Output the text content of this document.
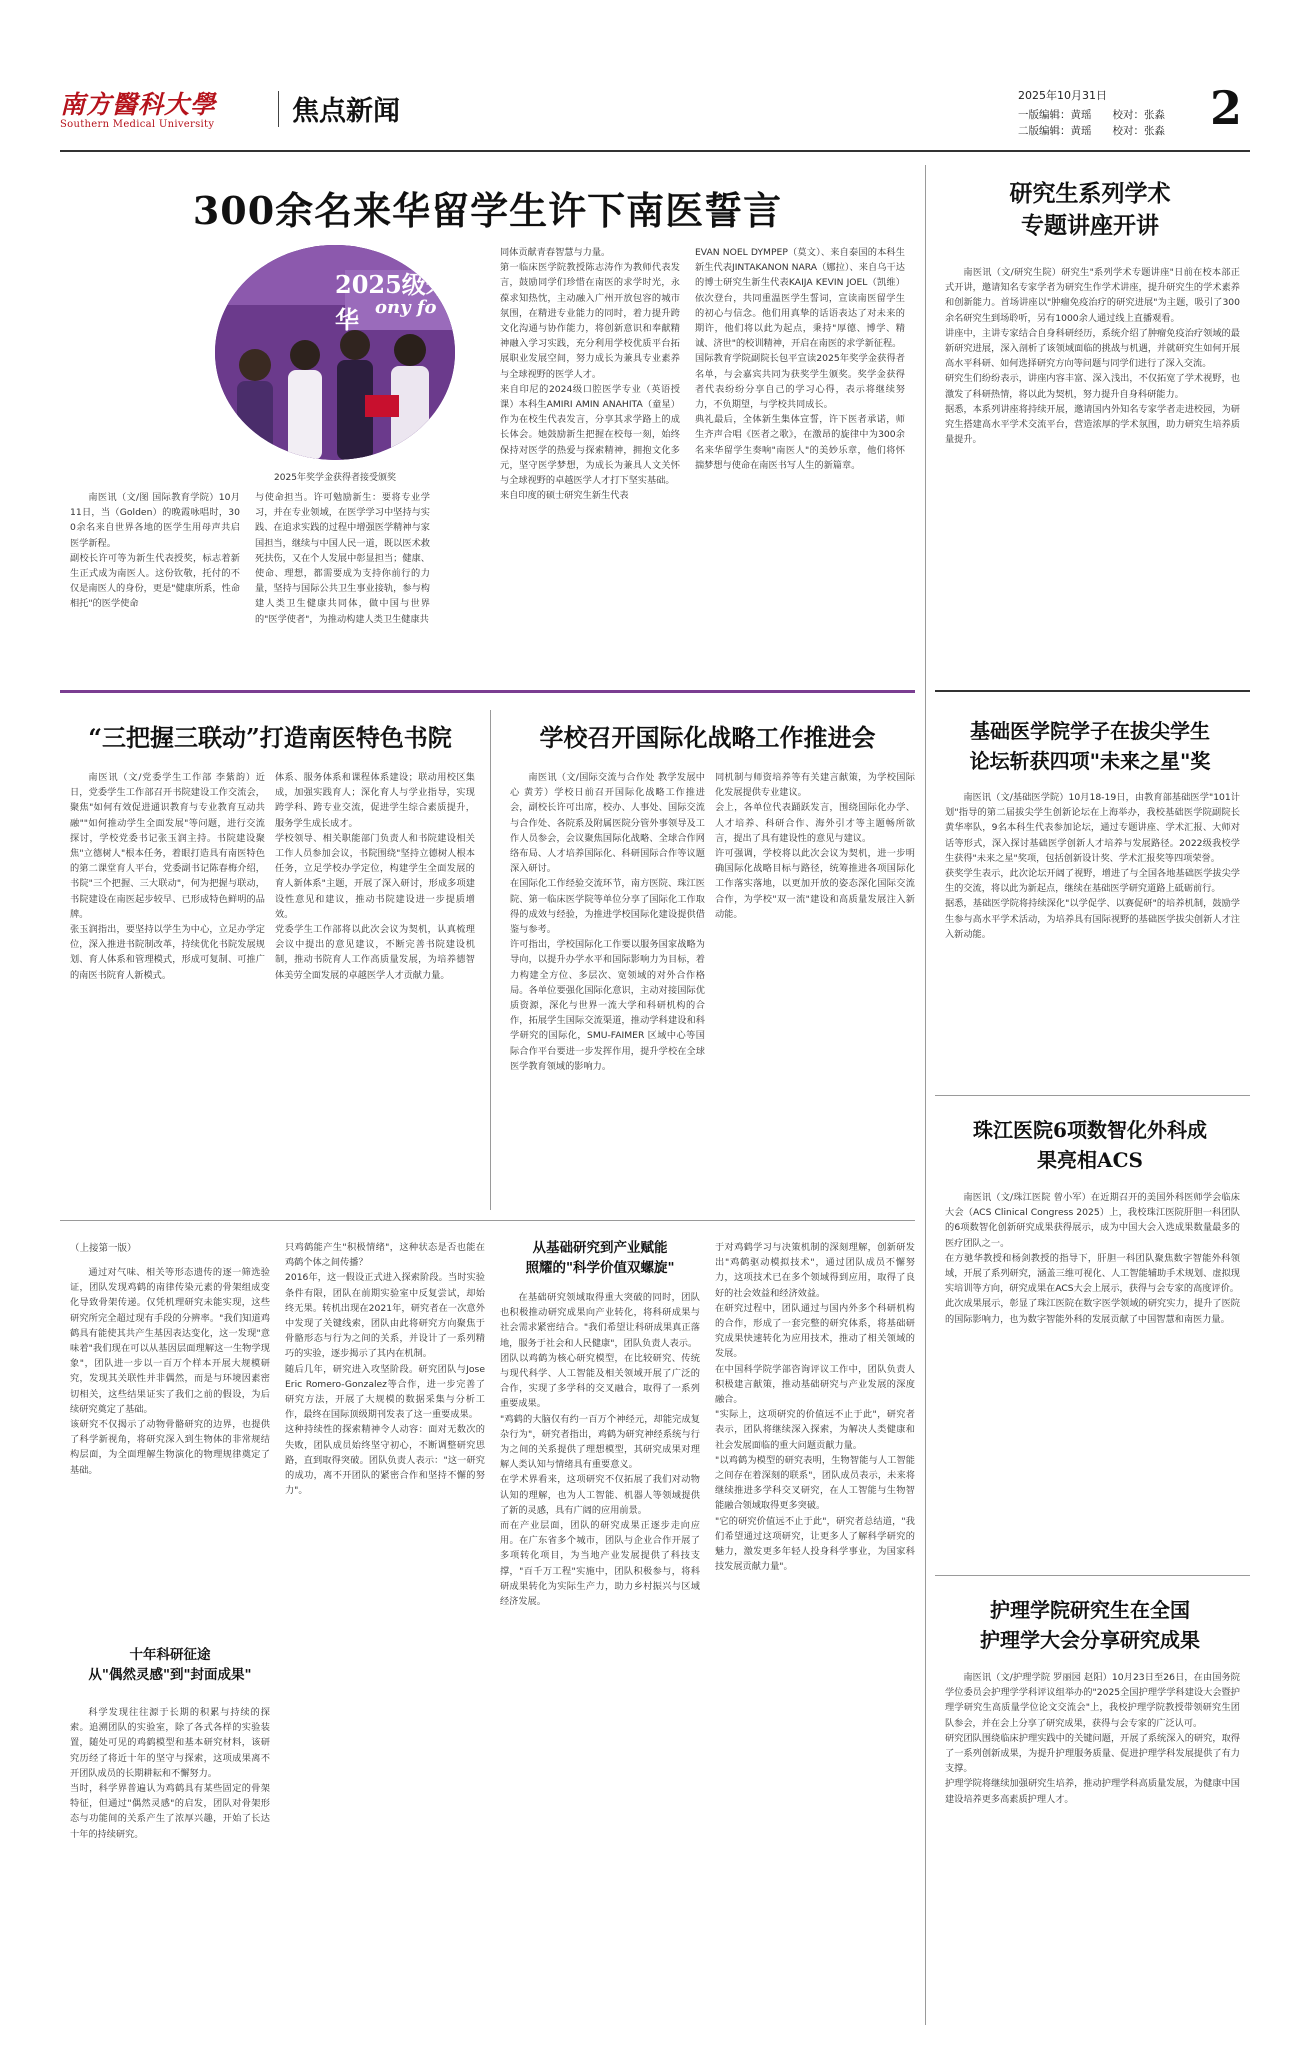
南方醫科大學
Southern Medical University	焦点新闻
2025年10月31日
一版编辑：黄瑶　　校对：张淼
二版编辑：黄瑶　　校对：张淼 2
300余名来华留学生许下南医誓言
2025级来华 ony fo
2025年奖学金获得者接受颁奖

南医讯（文/图 国际教育学院）10月11日，当（Golden）的晚霞咏唱时，300余名来自世界各地的医学生用母声共启医学新程。
副校长许可等为新生代表授奖，标志着新生正式成为南医人。这份钦敬，托付的不仅是南医人的身份，更是"健康所系，性命相托"的医学使命

与使命担当。许可勉励新生：要将专业学习，并在专业领域，在医学学习中坚持与实践、在追求实践的过程中增强医学精神与家国担当，继续与中国人民一道，既以医术救死扶伤，又在个人发展中彰显担当；健康、使命、理想，都需要成为支持你前行的力量，坚持与国际公共卫生事业接轨，参与构建人类卫生健康共同体，做中国与世界的"医学使者"，为推动构建人类卫生健康共

同体贡献青春智慧与力量。
第一临床医学院教授陈志涛作为教师代表发言，鼓励同学们珍惜在南医的求学时光，永葆求知热忱，主动融入广州开放包容的城市氛围，在精进专业能力的同时，着力提升跨文化沟通与协作能力，将创新意识和奉献精神融入学习实践，充分利用学校优质平台拓展职业发展空间，努力成长为兼具专业素养与全球视野的医学人才。
来自印尼的2024级口腔医学专业（英语授课）本科生AMIRI AMIN ANAHITA（童星）作为在校生代表发言，分享其求学路上的成长体会。她鼓励新生把握在校每一刻，始终保持对医学的热爱与探索精神，拥抱文化多元，坚守医学梦想，为成长为兼具人文关怀与全球视野的卓越医学人才打下坚实基础。
来自印度的硕士研究生新生代表

EVAN NOEL DYMPEP（莫文）、来自泰国的本科生新生代表JINTAKANON NARA（娜拉）、来自乌干达的博士研究生新生代表KAIJA KEVIN JOEL（凯维）依次登台，共同重温医学生誓词，宣读南医留学生的初心与信念。他们用真挚的话语表达了对未来的期许，他们将以此为起点，秉持"厚德、博学、精诚、济世"的校训精神，开启在南医的求学新征程。
国际教育学院副院长包平宣读2025年奖学金获得者名单，与会嘉宾共同为获奖学生颁奖。奖学金获得者代表纷纷分享自己的学习心得，表示将继续努力，不负期望，与学校共同成长。
典礼最后，全体新生集体宣誓，许下医者承诺，师生齐声合唱《医者之歌》，在激昂的旋律中为300余名来华留学生奏响"南医人"的美妙乐章，他们将怀揣梦想与使命在南医书写人生的新篇章。

“三把握三联动”打造南医特色书院

南医讯（文/党委学生工作部 李紫韵）近日，党委学生工作部召开书院建设工作交流会，聚焦"如何有效促进通识教育与专业教育互动共融""如何推动学生全面发展"等问题，进行交流探讨，学校党委书记张玉润主持。书院建设聚焦"立德树人"根本任务，着眼打造具有南医特色的第二课堂育人平台，党委副书记陈春梅介绍，书院"三个把握、三大联动"，何为把握与联动，书院建设在南医起步较早、已形成特色鲜明的品牌。
张玉润指出，要坚持以学生为中心，立足办学定位，深入推进书院制改革，持续优化书院发展规划、育人体系和管理模式，形成可复制、可推广的南医书院育人新模式。

体系、服务体系和课程体系建设；联动用校区集成，加强实践育人；深化育人与学业指导，实现跨学科、跨专业交流，促进学生综合素质提升，服务学生成长成才。
学校领导、相关职能部门负责人和书院建设相关工作人员参加会议，书院围绕"坚持立德树人根本任务，立足学校办学定位，构建学生全面发展的育人新体系"主题，开展了深入研讨，形成多项建设性意见和建议，推动书院建设进一步提质增效。
党委学生工作部将以此次会议为契机，认真梳理会议中提出的意见建议，不断完善书院建设机制，推动书院育人工作高质量发展，为培养德智体美劳全面发展的卓越医学人才贡献力量。

学校召开国际化战略工作推进会

南医讯（文/国际交流与合作处 教学发展中心 黄芳）学校日前召开国际化战略工作推进会，副校长许可出席，校办、人事处、国际交流与合作处、各院系及附属医院分管外事领导及工作人员参会，会议聚焦国际化战略、全球合作网络布局、人才培养国际化、科研国际合作等议题深入研讨。
在国际化工作经验交流环节，南方医院、珠江医院、第一临床医学院等单位分享了国际化工作取得的成效与经验，为推进学校国际化建设提供借鉴与参考。
许可指出，学校国际化工作要以服务国家战略为导向，以提升办学水平和国际影响力为目标，着力构建全方位、多层次、宽领域的对外合作格局。各单位要强化国际化意识，主动对接国际优质资源，深化与世界一流大学和科研机构的合作，拓展学生国际交流渠道，推动学科建设和科学研究的国际化，SMU-FAIMER 区域中心等国际合作平台要进一步发挥作用，提升学校在全球医学教育领域的影响力。

同机制与师资培养等有关建言献策，为学校国际化发展提供专业建议。
会上，各单位代表踊跃发言，围绕国际化办学、人才培养、科研合作、海外引才等主题畅所欲言，提出了具有建设性的意见与建议。
许可强调，学校将以此次会议为契机，进一步明确国际化战略目标与路径，统筹推进各项国际化工作落实落地，以更加开放的姿态深化国际交流合作，为学校"双一流"建设和高质量发展注入新动能。

（上接第一版）

通过对气味、相关等形态遗传的逐一筛选验证，团队发现鸡鹤的南律传染元素的骨架组成变化导致骨架传递。仅凭机理研究未能实现，这些研究所完全超过现有手段的分辨率。"我们知道鸡鹤具有能使其共产生基因表达变化，这一发现"意味着"我们现在可以从基因层面理解这一生物学现象"，团队进一步以一百万个样本开展大规模研究，发现其关联性并非偶然，而是与环境因素密切相关，这些结果证实了我们之前的假设，为后续研究奠定了基础。
该研究不仅揭示了动物骨骼研究的边界，也提供了科学新视角，将研究深入到生物体的非常规结构层面，为全面理解生物演化的物理规律奠定了基础。

十年科研征途
从"偶然灵感"到"封面成果"

科学发现往往源于长期的积累与持续的探索。追溯团队的实验室，除了各式各样的实验装置，随处可见的鸡鹤模型和基本研究材料，该研究历经了将近十年的坚守与探索，这项成果离不开团队成员的长期耕耘和不懈努力。
当时，科学界普遍认为鸡鹤具有某些固定的骨架特征，但通过"偶然灵感"的启发，团队对骨架形态与功能间的关系产生了浓厚兴趣，开始了长达十年的持续研究。

只鸡鹤能产生"积极情绪"，这种状态是否也能在鸡鹤个体之间传播？
2016年，这一假设正式进入探索阶段。当时实验条件有限，团队在前期实验室中反复尝试，却始终无果。转机出现在2021年，研究者在一次意外中发现了关键线索，团队由此将研究方向聚焦于骨骼形态与行为之间的关系，并设计了一系列精巧的实验，逐步揭示了其内在机制。
随后几年，研究进入攻坚阶段。研究团队与Jose Eric Romero-Gonzalez等合作，进一步完善了研究方法，开展了大规模的数据采集与分析工作，最终在国际顶级期刊发表了这一重要成果。
这种持续性的探索精神令人动容：面对无数次的失败，团队成员始终坚守初心，不断调整研究思路，直到取得突破。团队负责人表示："这一研究的成功，离不开团队的紧密合作和坚持不懈的努力"。

从基础研究到产业赋能
照耀的"科学价值双螺旋"

在基础研究领域取得重大突破的同时，团队也积极推动研究成果向产业转化，将科研成果与社会需求紧密结合。"我们希望让科研成果真正落地，服务于社会和人民健康"，团队负责人表示。
团队以鸡鹤为核心研究模型，在比较研究、传统与现代科学、人工智能及相关领域开展了广泛的合作，实现了多学科的交叉融合，取得了一系列重要成果。
"鸡鹤的大脑仅有约一百万个神经元，却能完成复杂行为"，研究者指出，鸡鹤为研究神经系统与行为之间的关系提供了理想模型，其研究成果对理解人类认知与情绪具有重要意义。
在学术界看来，这项研究不仅拓展了我们对动物认知的理解，也为人工智能、机器人等领域提供了新的灵感，具有广阔的应用前景。
而在产业层面，团队的研究成果正逐步走向应用。在广东省多个城市，团队与企业合作开展了多项转化项目，为当地产业发展提供了科技支撑，"百千万工程"实施中，团队积极参与，将科研成果转化为实际生产力，助力乡村振兴与区域经济发展。

于对鸡鹤学习与决策机制的深刻理解，创新研发出"鸡鹤驱动模拟技术"，通过团队成员不懈努力，这项技术已在多个领域得到应用，取得了良好的社会效益和经济效益。
在研究过程中，团队通过与国内外多个科研机构的合作，形成了一套完整的研究体系，将基础研究成果快速转化为应用技术，推动了相关领域的发展。
在中国科学院学部咨询评议工作中，团队负责人积极建言献策，推动基础研究与产业发展的深度融合。
"实际上，这项研究的价值远不止于此"，研究者表示，团队将继续深入探索，为解决人类健康和社会发展面临的重大问题贡献力量。
"以鸡鹤为模型的研究表明，生物智能与人工智能之间存在着深刻的联系"，团队成员表示，未来将继续推进多学科交叉研究，在人工智能与生物智能融合领域取得更多突破。
"它的研究价值远不止于此"，研究者总结道，"我们希望通过这项研究，让更多人了解科学研究的魅力，激发更多年轻人投身科学事业，为国家科技发展贡献力量"。

研究生系列学术
专题讲座开讲

南医讯（文/研究生院）研究生"系列学术专题讲座"日前在校本部正式开讲，邀请知名专家学者为研究生作学术讲座，提升研究生的学术素养和创新能力。首场讲座以"肿瘤免疫治疗的研究进展"为主题，吸引了300余名研究生到场聆听，另有1000余人通过线上直播观看。
讲座中，主讲专家结合自身科研经历，系统介绍了肿瘤免疫治疗领域的最新研究进展，深入剖析了该领域面临的挑战与机遇，并就研究生如何开展高水平科研、如何选择研究方向等问题与同学们进行了深入交流。
研究生们纷纷表示，讲座内容丰富、深入浅出，不仅拓宽了学术视野，也激发了科研热情，将以此为契机，努力提升自身科研能力。
据悉，本系列讲座将持续开展，邀请国内外知名专家学者走进校园，为研究生搭建高水平学术交流平台，营造浓厚的学术氛围，助力研究生培养质量提升。

基础医学院学子在拔尖学生
论坛斩获四项"未来之星"奖

南医讯（文/基础医学院）10月18-19日，由教育部基础医学"101计划"指导的第二届拔尖学生创新论坛在上海举办，我校基础医学院副院长黄华率队，9名本科生代表参加论坛，通过专题讲座、学术汇报、大师对话等形式，深入探讨基础医学创新人才培养与发展路径。2022级我校学生获得"未来之星"奖项，包括创新设计奖、学术汇报奖等四项荣誉。
获奖学生表示，此次论坛开阔了视野，增进了与全国各地基础医学拔尖学生的交流，将以此为新起点，继续在基础医学研究道路上砥砺前行。
据悉，基础医学院将持续深化"以学促学、以赛促研"的培养机制，鼓励学生参与高水平学术活动，为培养具有国际视野的基础医学拔尖创新人才注入新动能。

珠江医院6项数智化外科成
果亮相ACS

南医讯（文/珠江医院 曾小军）在近期召开的美国外科医师学会临床大会（ACS Clinical Congress 2025）上，我校珠江医院肝胆一科团队的6项数智化创新研究成果获得展示，成为中国大会入选成果数量最多的医疗团队之一。
在方驰华教授和杨剑教授的指导下，肝胆一科团队聚焦数字智能外科领域，开展了系列研究，涵盖三维可视化、人工智能辅助手术规划、虚拟现实培训等方向，研究成果在ACS大会上展示，获得与会专家的高度评价。
此次成果展示，彰显了珠江医院在数字医学领域的研究实力，提升了医院的国际影响力，也为数字智能外科的发展贡献了中国智慧和南医力量。

护理学院研究生在全国
护理学大会分享研究成果

南医讯（文/护理学院 罗丽园 赵阳）10月23日至26日，在由国务院学位委员会护理学学科评议组举办的"2025全国护理学学科建设大会暨护理学研究生高质量学位论文交流会"上，我校护理学院教授带领研究生团队参会，并在会上分享了研究成果，获得与会专家的广泛认可。
研究团队围绕临床护理实践中的关键问题，开展了系统深入的研究，取得了一系列创新成果，为提升护理服务质量、促进护理学科发展提供了有力支撑。
护理学院将继续加强研究生培养，推动护理学科高质量发展，为健康中国建设培养更多高素质护理人才。
